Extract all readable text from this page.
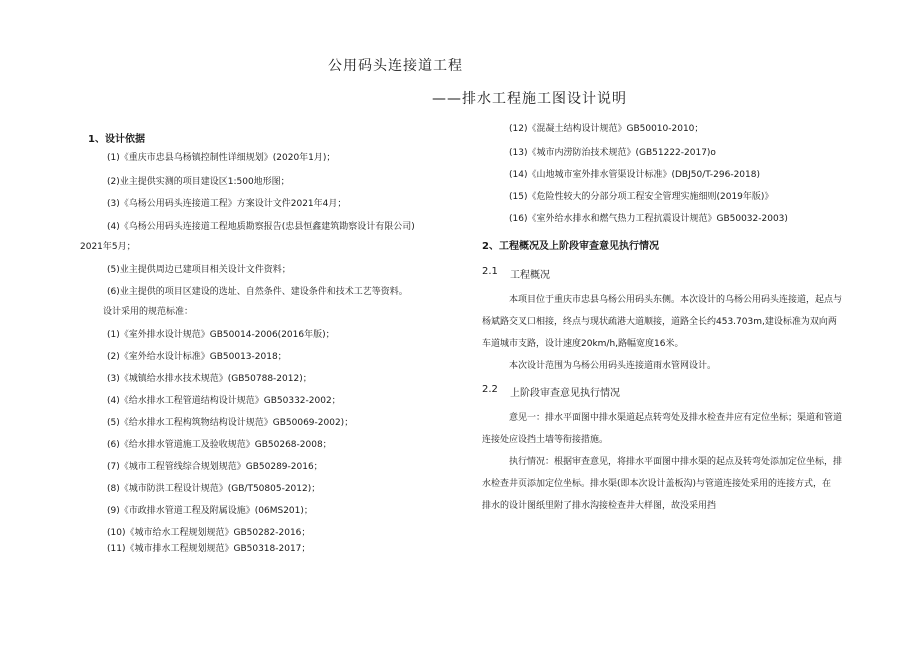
公用码头连接道工程
——排水工程施工图设计说明
1、设计依据
(1)《重庆市忠县乌杨镇控制性详细规划》(2020年1月)；
(2)业主提供实测的项目建设区1:500地形图；
(3)《乌杨公用码头连接道工程》方案设计文件2021年4月；
(4)《乌杨公用码头连接道工程地质勘察报告(忠县恒鑫建筑勘察设计有限公司)
2021年5月；
(5)业主提供周边已建项目相关设计文件资料；
(6)业主提供的项目区建设的选址、自然条件、建设条件和技术工艺等资料。
设计采用的规范标准：
(1)《室外排水设计规范》GB50014-2006(2016年版)；
(2)《室外给水设计标准》GB50013-2018；
(3)《城镇给水排水技术规范》(GB50788-2012)；
(4)《给水排水工程管道结构设计规范》GB50332-2002；
(5)《给水排水工程构筑物结构设计规范》GB50069-2002)；
(6)《给水排水管道施工及验收规范》GB50268-2008；
(7)《城市工程管线综合规划规范》GB50289-2016；
(8)《城市防洪工程设计规范》(GB/T50805-2012)；
(9)《市政排水管道工程及附属设施》(06MS201)；
(10)《城市给水工程规划规范》GB50282-2016；
(11)《城市排水工程规划规范》GB50318-2017；
(12)《混凝土结构设计规范》GB50010-2010；
(13)《城市内涝防治技术规范》(GB51222-2017)o
(14)《山地城市室外排水管渠设计标准》(DBJ50/T-296-2018)
(15)《危险性较大的分部分项工程安全管理实施细则(2019年版)》
(16)《室外给水排水和燃气热力工程抗震设计规范》GB50032-2003)
2、工程概况及上阶段审查意见执行情况
2.1 工程概况
本项目位于重庆市忠县乌杨公用码头东侧。本次设计的乌杨公用码头连接道，起点与
杨斌路交叉口相接，终点与现状疏港大道顺接，道路全长约453.703m,建设标准为双向两
车道城市支路，设计速度20km/h,路幅宽度16米。
本次设计范围为乌杨公用码头连接道雨水管网设计。
2.2 上阶段审查意见执行情况
意见一：排水平面图中排水渠道起点转弯处及排水检查井应有定位坐标；渠道和管道
连接处应设挡土墙等衔接措施。
执行情况：根据审查意见，将排水平面图中排水渠的起点及转弯处添加定位坐标，排
水检查井页添加定位坐标。排水渠(即本次设计盖板沟)与管道连接处采用的连接方式，在
排水的设计图纸里附了排水沟接检查井大样图，故没采用挡
